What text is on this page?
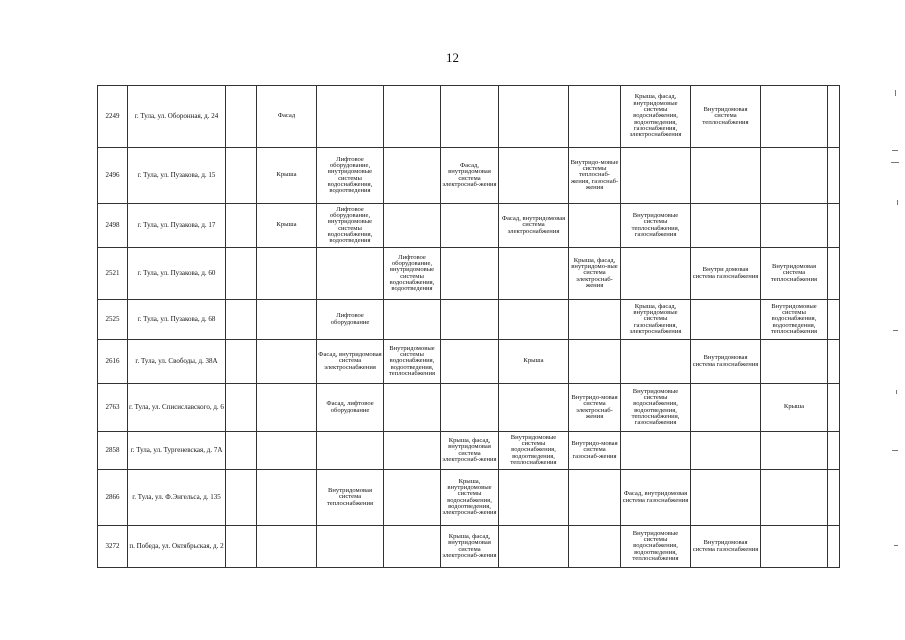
12
2249	г. Тула, ул. Оборонная, д. 24		Фасад						Крыша, фасад, внутридомовые системы водоснабжения, водоотведения, газоснабжения, электроснабжения	Внутридомовая система теплоснабжения		
2496	г. Тула, ул. Пузакова, д. 15		Крыша	Лифтовое оборудование, внутридомовые системы водоснабжения, водоотведения		Фасад, внутридомовая система электроснаб-жения		Внутридо-мовые системы теплоснаб-жения, газоснаб-жения				
2498	г. Тула, ул. Пузакова, д. 17		Крыша	Лифтовое оборудование, внутридомовые системы водоснабжения, водоотведения			Фасад, внутридомовая система электроснабжения		Внутридомовые системы теплоснабжения, газоснабжения			
2521	г. Тула, ул. Пузакова, д. 60				Лифтовое оборудование, внутридомовые системы водоснабжения, водоотведения			Крыша, фасад, внутридомо-вые система электроснаб-жения		Внутри домовая система газоснабжения	Внутридомовая система теплоснабжения	
2525	г. Тула, ул. Пузакова, д. 68			Лифтовое оборудование					Крыша, фасад, внутридомовые системы газоснабжения, электроснабжения		Внутридомовые системы водоснабжения, водоотведения, теплоснабжения	
2616	г. Тула, ул. Свободы, д. 38А			Фасад, внутридомовая система электроснабжения	Внутридомовые системы водоснабжения, водоотведения, теплоснабжения		Крыша			Внутридомовая система газоснабжения		
2763	г. Тула, ул. Списиславского, д. 6			Фасад, лифтовое оборудование				Внутридо-мовая система электроснаб-жения	Внутридомовые системы водоснабжения, водоотведения, теплоснабжения, газоснабжения		Крыша	
2858	г. Тула, ул. Тургеневская, д. 7А					Крыша, фасад, внутридомовая система электроснаб-жения	Внутридомовые системы водоснабжения, водоотведения, теплоснабжения	Внутридо-мовая система газоснаб-жения				
2866	г. Тула, ул. Ф.Энгельса, д. 135			Внутридомовая система теплоснабжения		Крыша, внутридомовые системы водоснабжения, водоотведения, электроснаб-жения			Фасад, внутридомовая система газоснабжения			
3272	п. Победа, ул. Октябрьская, д. 2					Крыша, фасад, внутридомовая система электроснаб-жения			Внутридомовые системы водоснабжения, водоотведения, теплоснабжения	Внутридомовая система газоснабжения		
